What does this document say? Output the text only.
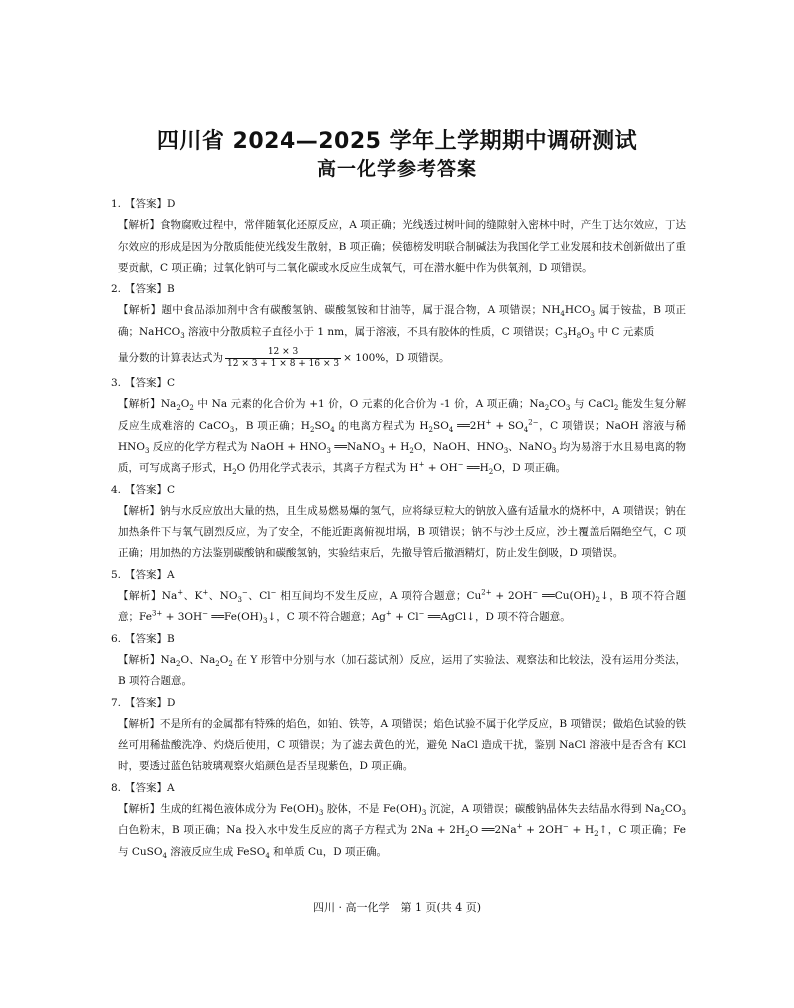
四川省 2024—2025 学年上学期期中调研测试
高一化学参考答案
1. 【答案】D
【解析】食物腐败过程中，常伴随氧化还原反应，A 项正确；光线透过树叶间的缝隙射入密林中时，产生丁达尔效应，丁达尔效应的形成是因为分散质能使光线发生散射，B 项正确；侯德榜发明联合制碱法为我国化学工业发展和技术创新做出了重要贡献，C 项正确；过氧化钠可与二氧化碳或水反应生成氧气，可在潜水艇中作为供氧剂，D 项错误。
2. 【答案】B
【解析】题中食品添加剂中含有碳酸氢钠、碳酸氢铵和甘油等，属于混合物，A 项错误；$NH_4HCO_3$ 属于铵盐，B 项正确；NaHCO$_3$ 溶液中分散质粒子直径小于 1 nm，属于溶液，不具有胶体的性质，C 项错误；$C_3H_8O_3$ 中 C 元素质
量分数的计算表达式为 $\frac{12 \times 3}{12 \times 3 + 1 \times 8 + 16 \times 3} \times 100\%$，D 项错误。
3. 【答案】C
【解析】$Na_2O_2$ 中 Na 元素的化合价为 +1 价，O 元素的化合价为 -1 价，A 项正确；$Na_2CO_3$ 与 CaCl$_2$ 能发生复分解反应生成难溶的 CaCO$_3$，B 项正确；$H_2SO_4$ 的电离方程式为 $H_2SO_4$ ══2H+ + $SO_4^{2-}$，C 项错误；NaOH 溶液与稀 $HNO_3$ 反应的化学方程式为 NaOH + $HNO_3$ ══NaNO$_3$ + $H_2O$，NaOH、$HNO_3$、NaNO$_3$ 均为易溶于水且易电离的物质，可写成离子形式，$H_2O$ 仍用化学式表示，其离子方程式为 H+ + OH− $══H_2O$，D 项正确。
4. 【答案】C
【解析】钠与水反应放出大量的热，且生成易燃易爆的氢气，应将绿豆粒大的钠放入盛有适量水的烧杯中，A 项错误；钠在加热条件下与氧气剧烈反应，为了安全，不能近距离俯视坩埚，B 项错误；钠不与沙土反应，沙土覆盖后隔绝空气，C 项正确；用加热的方法鉴别碳酸钠和碳酸氢钠，实验结束后，先撤导管后撤酒精灯，防止发生倒吸，D 项错误。
5. 【答案】A
【解析】Na+、K+、$NO_3^-$、Cl− 相互间均不发生反应，A 项符合题意；$Cu^{2+} + 2OH^-$ $══Cu(OH)_2↓$，B 项不符合题意；$Fe^{3+} + 3OH^-$ $══Fe(OH)_3↓$，C 项不符合题意；Ag+ + Cl− ══AgCl↓，D 项不符合题意。
6. 【答案】B
【解析】$Na_2O$、$Na_2O_2$ 在 Y 形管中分别与水（加石蕊试剂）反应，运用了实验法、观察法和比较法，没有运用分类法，B 项符合题意。
7. 【答案】D
【解析】不是所有的金属都有特殊的焰色，如铂、铁等，A 项错误；焰色试验不属于化学反应，B 项错误；做焰色试验的铁丝可用稀盐酸洗净、灼烧后使用，C 项错误；为了滤去黄色的光，避免 NaCl 造成干扰，鉴别 NaCl 溶液中是否含有 KCl 时，要透过蓝色钴玻璃观察火焰颜色是否呈现紫色，D 项正确。
8. 【答案】A
【解析】生成的红褐色液体成分为 $Fe(OH)_3$ 胶体，不是 $Fe(OH)_3$ 沉淀，A 项错误；碳酸钠晶体失去结晶水得到 $Na_2CO_3$ 白色粉末，B 项正确；Na 投入水中发生反应的离子方程式为 $2Na + 2H_2O$ ══2Na+ + $2OH^- + H_2↑$，C 项正确；Fe 与 CuSO$_4$ 溶液反应生成 FeSO$_4$ 和单质 Cu，D 项正确。
四川 · 高一化学　第 1 页(共 4 页)
